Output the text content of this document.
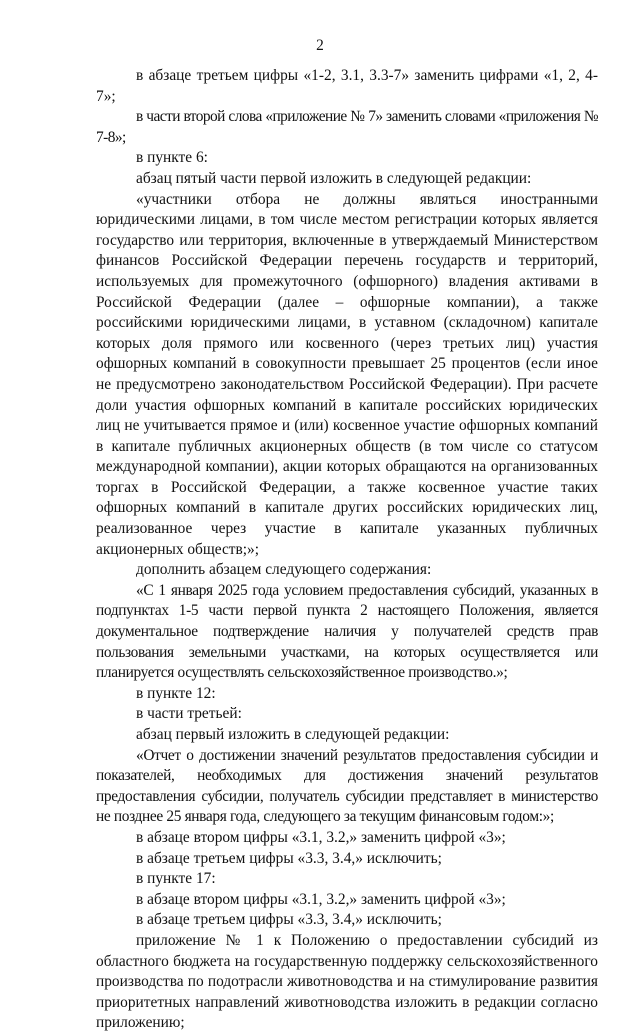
2

в абзаце третьем цифры «1-2, 3.1, 3.3-7» заменить цифрами «1, 2, 4-7»;

в части второй слова «приложение № 7» заменить словами «приложения № 7-8»;

в пункте 6:

абзац пятый части первой изложить в следующей редакции:

«участники отбора не должны являться иностранными юридическими лицами, в том числе местом регистрации которых является государство или территория, включенные в утверждаемый Министерством финансов Российской Федерации перечень государств и территорий, используемых для промежуточного (офшорного) владения активами в Российской Федерации (далее – офшорные компании), а также российскими юридическими лицами, в уставном (складочном) капитале которых доля прямого или косвенного (через третьих лиц) участия офшорных компаний в совокупности превышает 25 процентов (если иное не предусмотрено законодательством Российской Федерации). При расчете доли участия офшорных компаний в капитале российских юридических лиц не учитывается прямое и (или) косвенное участие офшорных компаний в капитале публичных акционерных обществ (в том числе со статусом международной компании), акции которых обращаются на организованных торгах в Российской Федерации, а также косвенное участие таких офшорных компаний в капитале других российских юридических лиц, реализованное через участие в капитале указанных публичных акционерных обществ;»;

дополнить абзацем следующего содержания:

«С 1 января 2025 года условием предоставления субсидий, указанных в подпунктах 1-5 части первой пункта 2 настоящего Положения, является документальное подтверждение наличия у получателей средств прав пользования земельными участками, на которых осуществляется или планируется осуществлять сельскохозяйственное производство.»;

в пункте 12:

в части третьей:

абзац первый изложить в следующей редакции:

«Отчет о достижении значений результатов предоставления субсидии и показателей, необходимых для достижения значений результатов предоставления субсидии, получатель субсидии представляет в министерство не позднее 25 января года, следующего за текущим финансовым годом:»;

в абзаце втором цифры «3.1, 3.2,» заменить цифрой «3»;

в абзаце третьем цифры «3.3, 3.4,» исключить;

в пункте 17:

в абзаце втором цифры «3.1, 3.2,» заменить цифрой «3»;

в абзаце третьем цифры «3.3, 3.4,» исключить;

приложение № 1 к Положению о предоставлении субсидий из областного бюджета на государственную поддержку сельскохозяйственного производства по подотрасли животноводства и на стимулирование развития приоритетных направлений животноводства изложить в редакции согласно приложению;
